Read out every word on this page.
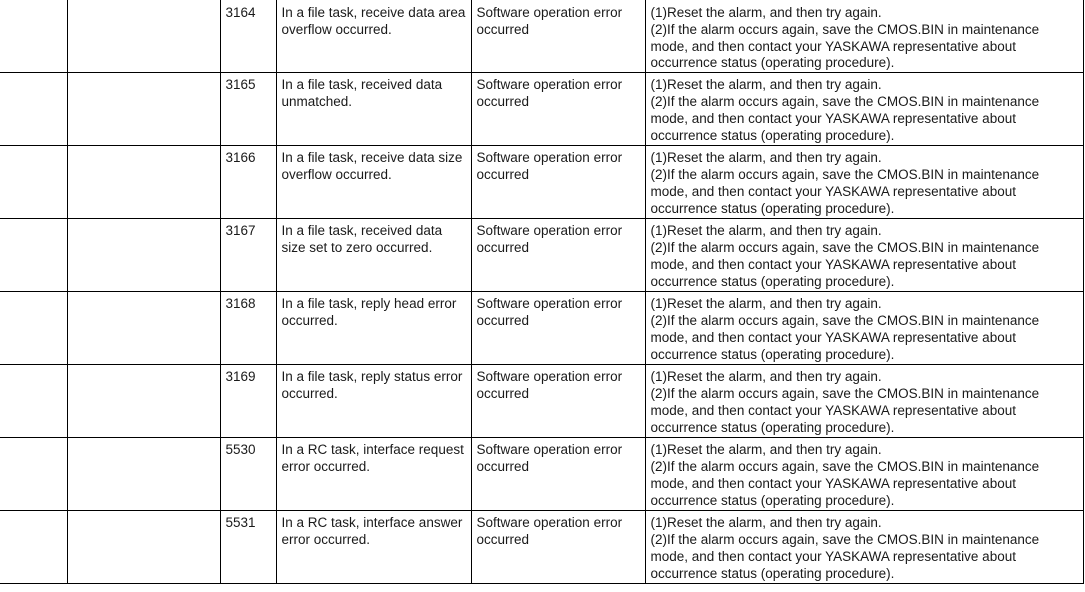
		3164	In a file task, receive data area overflow occurred.	Software operation error occurred	(1)Reset the alarm, and then try again.
(2)If the alarm occurs again, save the CMOS.BIN in maintenance mode, and then contact your YASKAWA representative about occurrence status (operating procedure).
		3165	In a file task, received data unmatched.	Software operation error occurred	(1)Reset the alarm, and then try again.
(2)If the alarm occurs again, save the CMOS.BIN in maintenance mode, and then contact your YASKAWA representative about occurrence status (operating procedure).
		3166	In a file task, receive data size overflow occurred.	Software operation error occurred	(1)Reset the alarm, and then try again.
(2)If the alarm occurs again, save the CMOS.BIN in maintenance mode, and then contact your YASKAWA representative about occurrence status (operating procedure).
		3167	In a file task, received data size set to zero occurred.	Software operation error occurred	(1)Reset the alarm, and then try again.
(2)If the alarm occurs again, save the CMOS.BIN in maintenance mode, and then contact your YASKAWA representative about occurrence status (operating procedure).
		3168	In a file task, reply head error occurred.	Software operation error occurred	(1)Reset the alarm, and then try again.
(2)If the alarm occurs again, save the CMOS.BIN in maintenance mode, and then contact your YASKAWA representative about occurrence status (operating procedure).
		3169	In a file task, reply status error occurred.	Software operation error occurred	(1)Reset the alarm, and then try again.
(2)If the alarm occurs again, save the CMOS.BIN in maintenance mode, and then contact your YASKAWA representative about occurrence status (operating procedure).
		5530	In a RC task, interface request error occurred.	Software operation error occurred	(1)Reset the alarm, and then try again.
(2)If the alarm occurs again, save the CMOS.BIN in maintenance mode, and then contact your YASKAWA representative about occurrence status (operating procedure).
		5531	In a RC task, interface answer error occurred.	Software operation error occurred	(1)Reset the alarm, and then try again.
(2)If the alarm occurs again, save the CMOS.BIN in maintenance mode, and then contact your YASKAWA representative about occurrence status (operating procedure).
